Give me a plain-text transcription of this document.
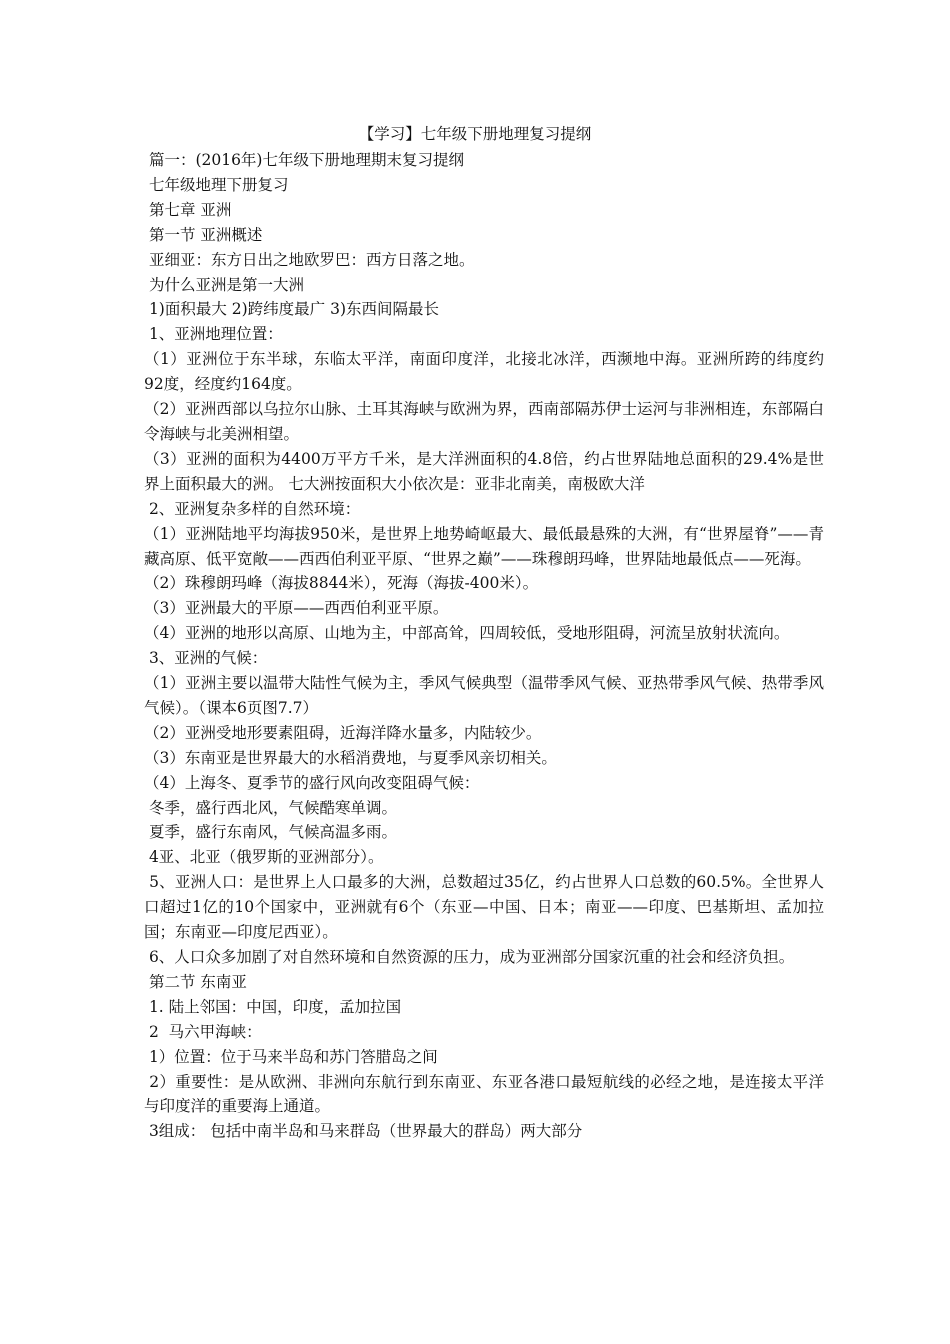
【学习】七年级下册地理复习提纲

篇一：(2016年)七年级下册地理期末复习提纲

七年级地理下册复习

第七章 亚洲

第一节 亚洲概述

亚细亚：东方日出之地欧罗巴：西方日落之地。

为什么亚洲是第一大洲

1)面积最大 2)跨纬度最广 3)东西间隔最长

1、亚洲地理位置：

（1）亚洲位于东半球，东临太平洋，南面印度洋，北接北冰洋，西濒地中海。亚洲所跨的纬度约92度，经度约164度。

（2）亚洲西部以乌拉尔山脉、土耳其海峡与欧洲为界，西南部隔苏伊士运河与非洲相连，东部隔白令海峡与北美洲相望。

（3）亚洲的面积为4400万平方千米，是大洋洲面积的4.8倍，约占世界陆地总面积的29.4%是世界上面积最大的洲。 七大洲按面积大小依次是：亚非北南美，南极欧大洋

2、亚洲复杂多样的自然环境：

（1）亚洲陆地平均海拔950米，是世界上地势崎岖最大、最低最悬殊的大洲，有“世界屋脊”——青藏高原、低平宽敞——西西伯利亚平原、“世界之巅”——珠穆朗玛峰，世界陆地最低点——死海。

（2）珠穆朗玛峰（海拔8844米），死海（海拔-400米）。

（3）亚洲最大的平原——西西伯利亚平原。

（4）亚洲的地形以高原、山地为主，中部高耸，四周较低，受地形阻碍，河流呈放射状流向。

3、亚洲的气候：

（1）亚洲主要以温带大陆性气候为主，季风气候典型（温带季风气候、亚热带季风气候、热带季风气候）。（课本6页图7.7）

（2）亚洲受地形要素阻碍，近海洋降水量多，内陆较少。

（3）东南亚是世界最大的水稻消费地，与夏季风亲切相关。

（4）上海冬、夏季节的盛行风向改变阻碍气候：

冬季，盛行西北风，气候酷寒单调。

夏季，盛行东南风，气候高温多雨。

4亚、北亚（俄罗斯的亚洲部分）。

5、亚洲人口：是世界上人口最多的大洲，总数超过35亿，约占世界人口总数的60.5%。全世界人口超过1亿的10个国家中，亚洲就有6个（东亚—中国、日本；南亚——印度、巴基斯坦、孟加拉国；东南亚—印度尼西亚）。

6、人口众多加剧了对自然环境和自然资源的压力，成为亚洲部分国家沉重的社会和经济负担。

第二节 东南亚

1. 陆上邻国：中国，印度，孟加拉国

2  马六甲海峡：

1）位置：位于马来半岛和苏门答腊岛之间

2）重要性：是从欧洲、非洲向东航行到东南亚、东亚各港口最短航线的必经之地，是连接太平洋与印度洋的重要海上通道。

3组成： 包括中南半岛和马来群岛（世界最大的群岛）两大部分
